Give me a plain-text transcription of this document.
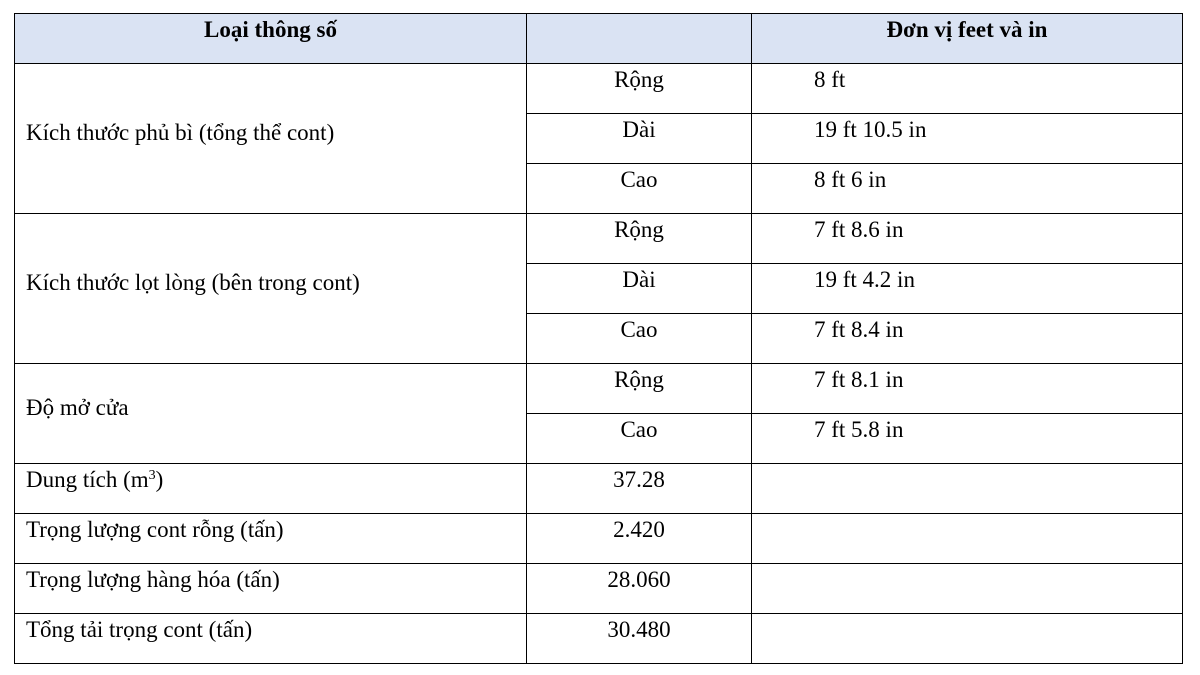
Loại thông số		Đơn vị feet và in
Kích thước phủ bì (tổng thể cont)	Rộng	8 ft
	Dài	19 ft 10.5 in
	Cao	8 ft 6 in
Kích thước lọt lòng (bên trong cont)	Rộng	7 ft 8.6 in
	Dài	19 ft 4.2 in
	Cao	7 ft 8.4 in
Độ mở cửa	Rộng	7 ft 8.1 in
	Cao	7 ft 5.8 in
Dung tích $(m^3)$	37.28	
Trọng lượng cont rỗng (tấn)	2.420	
Trọng lượng hàng hóa (tấn)	28.060	
Tổng tải trọng cont (tấn)	30.480	
